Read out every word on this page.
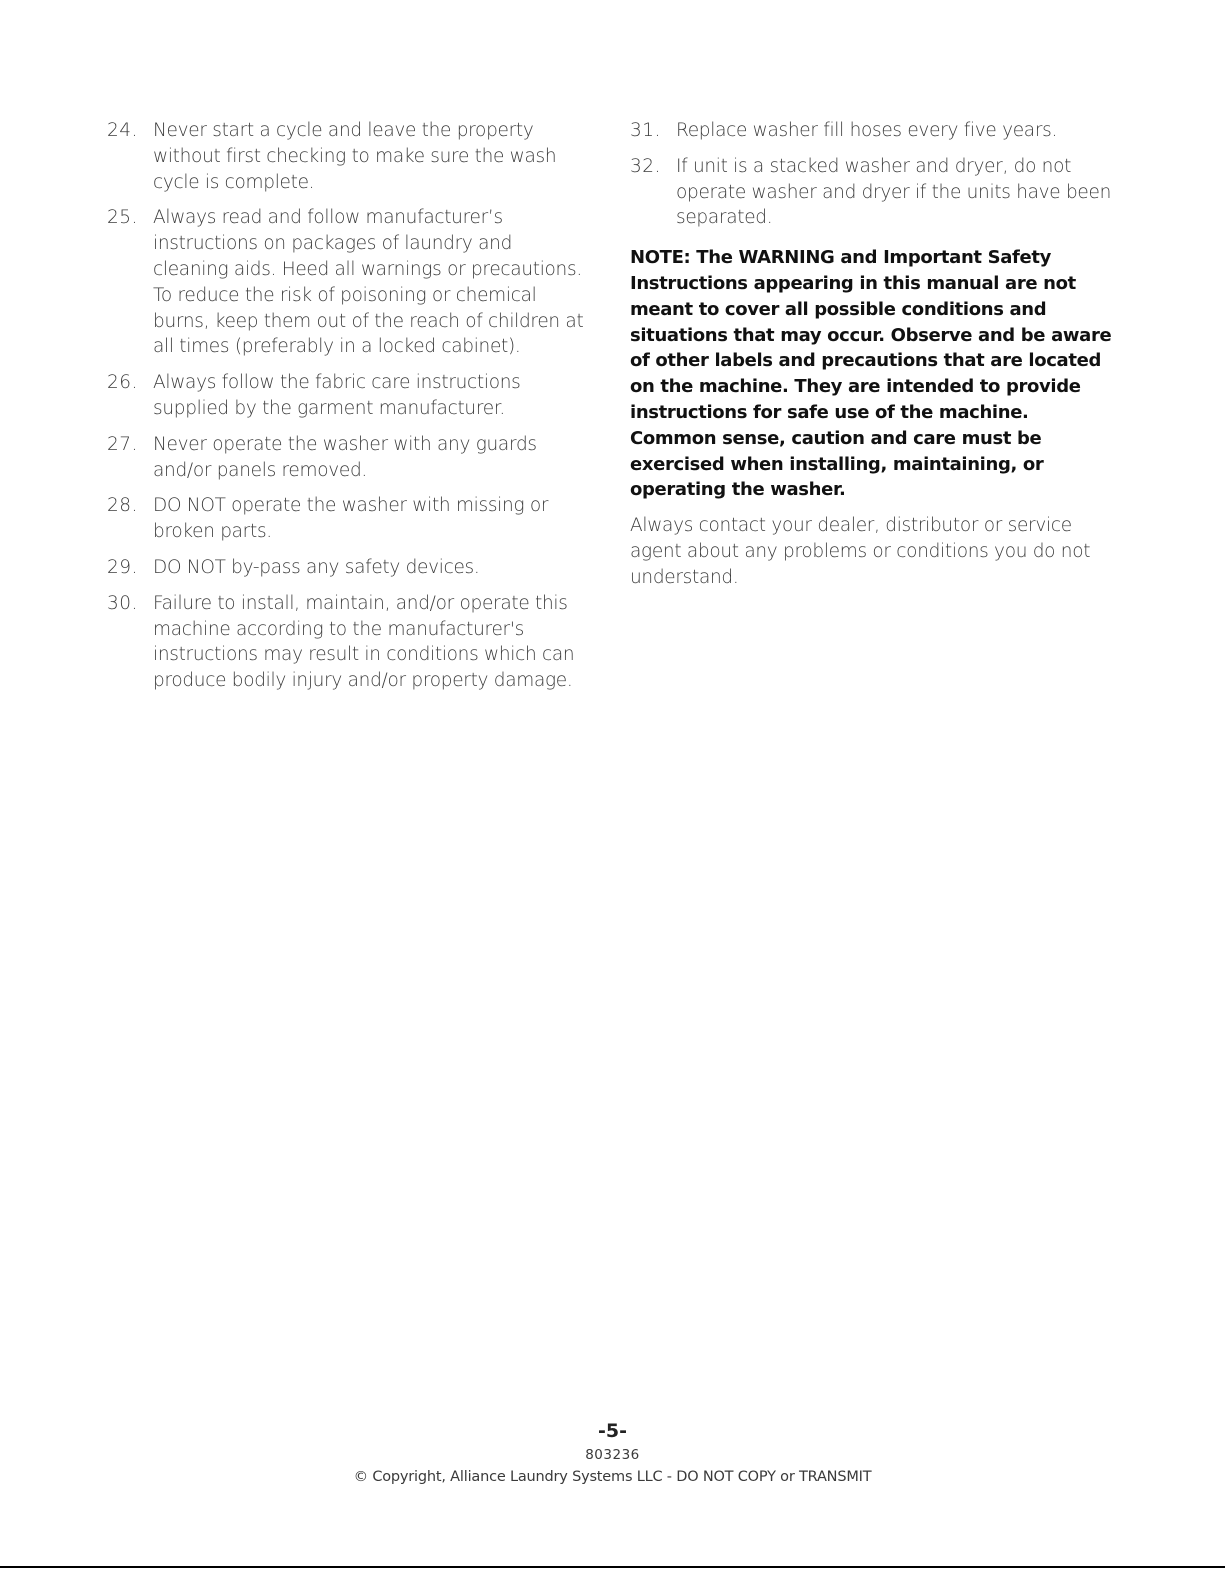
24. Never start a cycle and leave the property without first checking to make sure the wash cycle is complete.
25. Always read and follow manufacturer’s instructions on packages of laundry and cleaning aids. Heed all warnings or precautions. To reduce the risk of poisoning or chemical burns, keep them out of the reach of children at all times (preferably in a locked cabinet).
26. Always follow the fabric care instructions supplied by the garment manufacturer.
27. Never operate the washer with any guards and/or panels removed.
28. DO NOT operate the washer with missing or broken parts.
29. DO NOT by-pass any safety devices.
30. Failure to install, maintain, and/or operate this machine according to the manufacturer's instructions may result in conditions which can produce bodily injury and/or property damage.
31. Replace washer fill hoses every five years.
32. If unit is a stacked washer and dryer, do not operate washer and dryer if the units have been separated.
NOTE: The WARNING and Important Safety Instructions appearing in this manual are not meant to cover all possible conditions and situations that may occur. Observe and be aware of other labels and precautions that are located on the machine. They are intended to provide instructions for safe use of the machine. Common sense, caution and care must be exercised when installing, maintaining, or operating the washer.
Always contact your dealer, distributor or service agent about any problems or conditions you do not understand.
-5-
803236
© Copyright, Alliance Laundry Systems LLC - DO NOT COPY or TRANSMIT
